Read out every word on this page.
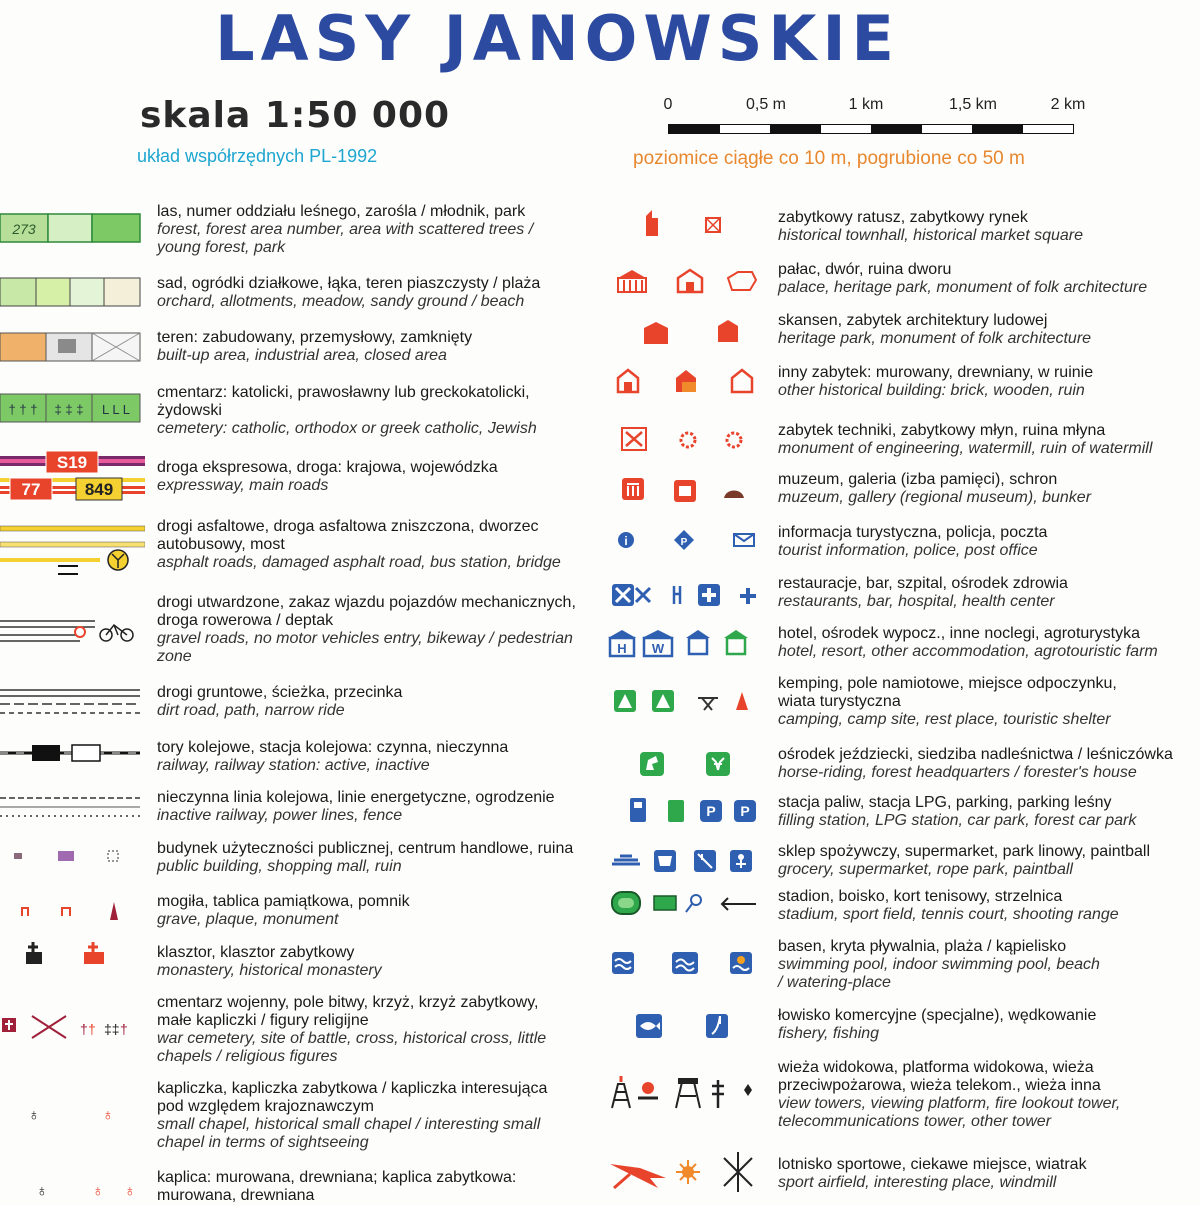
LASY JANOWSKIE
skala 1:50 000
układ współrzędnych PL-1992	poziomice ciągłe co 10 m, pogrubione co 50 m
0	0,5 m	1 km	1,5 km	2 km
las, numer oddziału leśnego, zarośla / młodnik, park
forest, forest area number, area with scattered trees / young forest, park
sad, ogródki działkowe, łąka, teren piaszczysty / plaża
orchard, allotments, meadow, sandy ground / beach
teren: zabudowany, przemysłowy, zamknięty
built-up area, industrial area, closed area
cmentarz: katolicki, prawosławny lub greckokatolicki, żydowski
cemetery: catholic, orthodox or greek catholic, Jewish
droga ekspresowa, droga: krajowa, wojewódzka
expressway, main roads
drogi asfaltowe, droga asfaltowa zniszczona, dworzec autobusowy, most
asphalt roads, damaged asphalt road, bus station, bridge
drogi utwardzone, zakaz wjazdu pojazdów mechanicznych, droga rowerowa / deptak
gravel roads, no motor vehicles entry, bikeway / pedestrian zone
drogi gruntowe, ścieżka, przecinka
dirt road, path, narrow ride
tory kolejowe, stacja kolejowa: czynna, nieczynna
railway, railway station: active, inactive
nieczynna linia kolejowa, linie energetyczne, ogrodzenie
inactive railway, power lines, fence
budynek użyteczności publicznej, centrum handlowe, ruina
public building, shopping mall, ruin
mogiła, tablica pamiątkowa, pomnik
grave, plaque, monument
klasztor, klasztor zabytkowy
monastery, historical monastery
cmentarz wojenny, pole bitwy, krzyż, krzyż zabytkowy, małe kapliczki / figury religijne
war cemetery, site of battle, cross, historical cross, little chapels / religious figures
kapliczka, kapliczka zabytkowa / kapliczka interesująca pod względem krajoznawczym
small chapel, historical small chapel / interesting small chapel in terms of sightseeing
kaplica: murowana, drewniana; kaplica zabytkowa: murowana, drewniana
zabytkowy ratusz, zabytkowy rynek
historical townhall, historical market square
pałac, dwór, ruina dworu
palace, heritage park, monument of folk architecture
skansen, zabytek architektury ludowej
heritage park, monument of folk architecture
inny zabytek: murowany, drewniany, w ruinie
other historical building: brick, wooden, ruin
zabytek techniki, zabytkowy młyn, ruina młyna
monument of engineering, watermill, ruin of watermill
muzeum, galeria (izba pamięci), schron
muzeum, gallery (regional museum), bunker
informacja turystyczna, policja, poczta
tourist information, police, post office
restauracje, bar, szpital, ośrodek zdrowia
restaurants, bar, hospital, health center
hotel, ośrodek wypocz., inne noclegi, agroturystyka
hotel, resort, other accommodation, agrotouristic farm
kemping, pole namiotowe, miejsce odpoczynku, wiata turystyczna
camping, camp site, rest place, touristic shelter
ośrodek jeździecki, siedziba nadleśnictwa / leśniczówka
horse-riding, forest headquarters / forester's house
stacja paliw, stacja LPG, parking, parking leśny
filling station, LPG station, car park, forest car park
sklep spożywczy, supermarket, park linowy, paintball
grocery, supermarket, rope park, paintball
stadion, boisko, kort tenisowy, strzelnica
stadium, sport field, tennis court, shooting range
basen, kryta pływalnia, plaża / kąpielisko
swimming pool, indoor swimming pool, beach / watering-place
łowisko komercyjne (specjalne), wędkowanie
fishery, fishing
wieża widokowa, platforma widokowa, wieża przeciwpożarowa, wieża telekom., wieża inna
view towers, viewing platform, fire lookout tower, telecommunications tower, other tower
lotnisko sportowe, ciekawe miejsce, wiatrak
sport airfield, interesting place, windmill
273
† † † ‡ ‡ ‡ L L L
S19
77	849
† † ‡‡ †
♁	♁
♁	♁ ♁
i	P
H W
P P
